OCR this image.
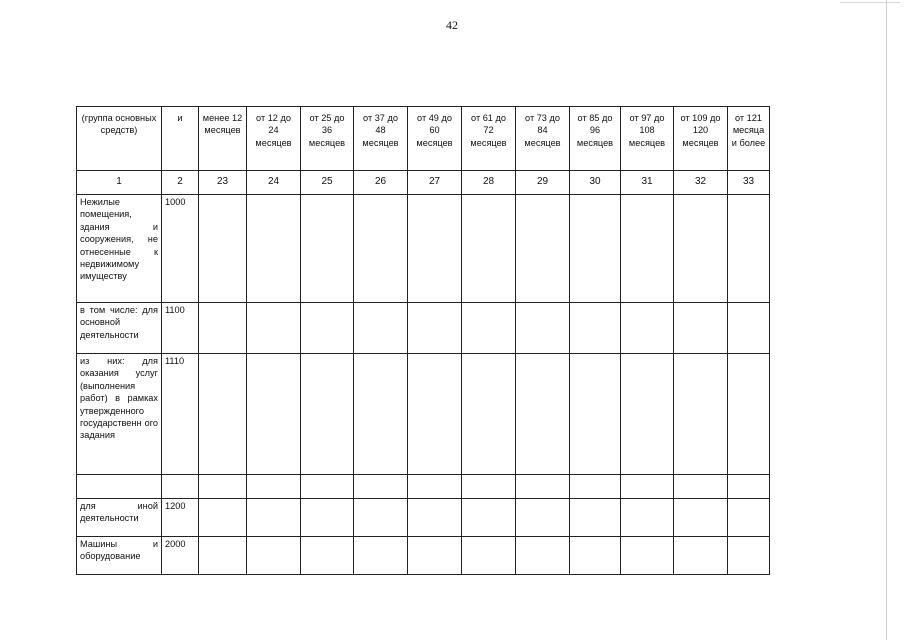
42
(группа основных средств)	и	менее 12 месяцев	от 12 до 24 месяцев	от 25 до 36 месяцев	от 37 до 48 месяцев	от 49 до 60 месяцев	от 61 до 72 месяцев	от 73 до 84 месяцев	от 85 до 96 месяцев	от 97 до 108 месяцев	от 109 до 120 месяцев	от 121 месяца и более
1	2	23	24	25	26	27	28	29	30	31	32	33
Нежилые помещения, здания и сооружения, не отнесенные к недвижимому имуществу	1000											
в том числе: для основной деятельности	1100											
из них: для оказания услуг (выполнения работ) в рамках утвержденного государственн ого задания	1110											

для иной деятельности	1200											
Машины и оборудование	2000											
